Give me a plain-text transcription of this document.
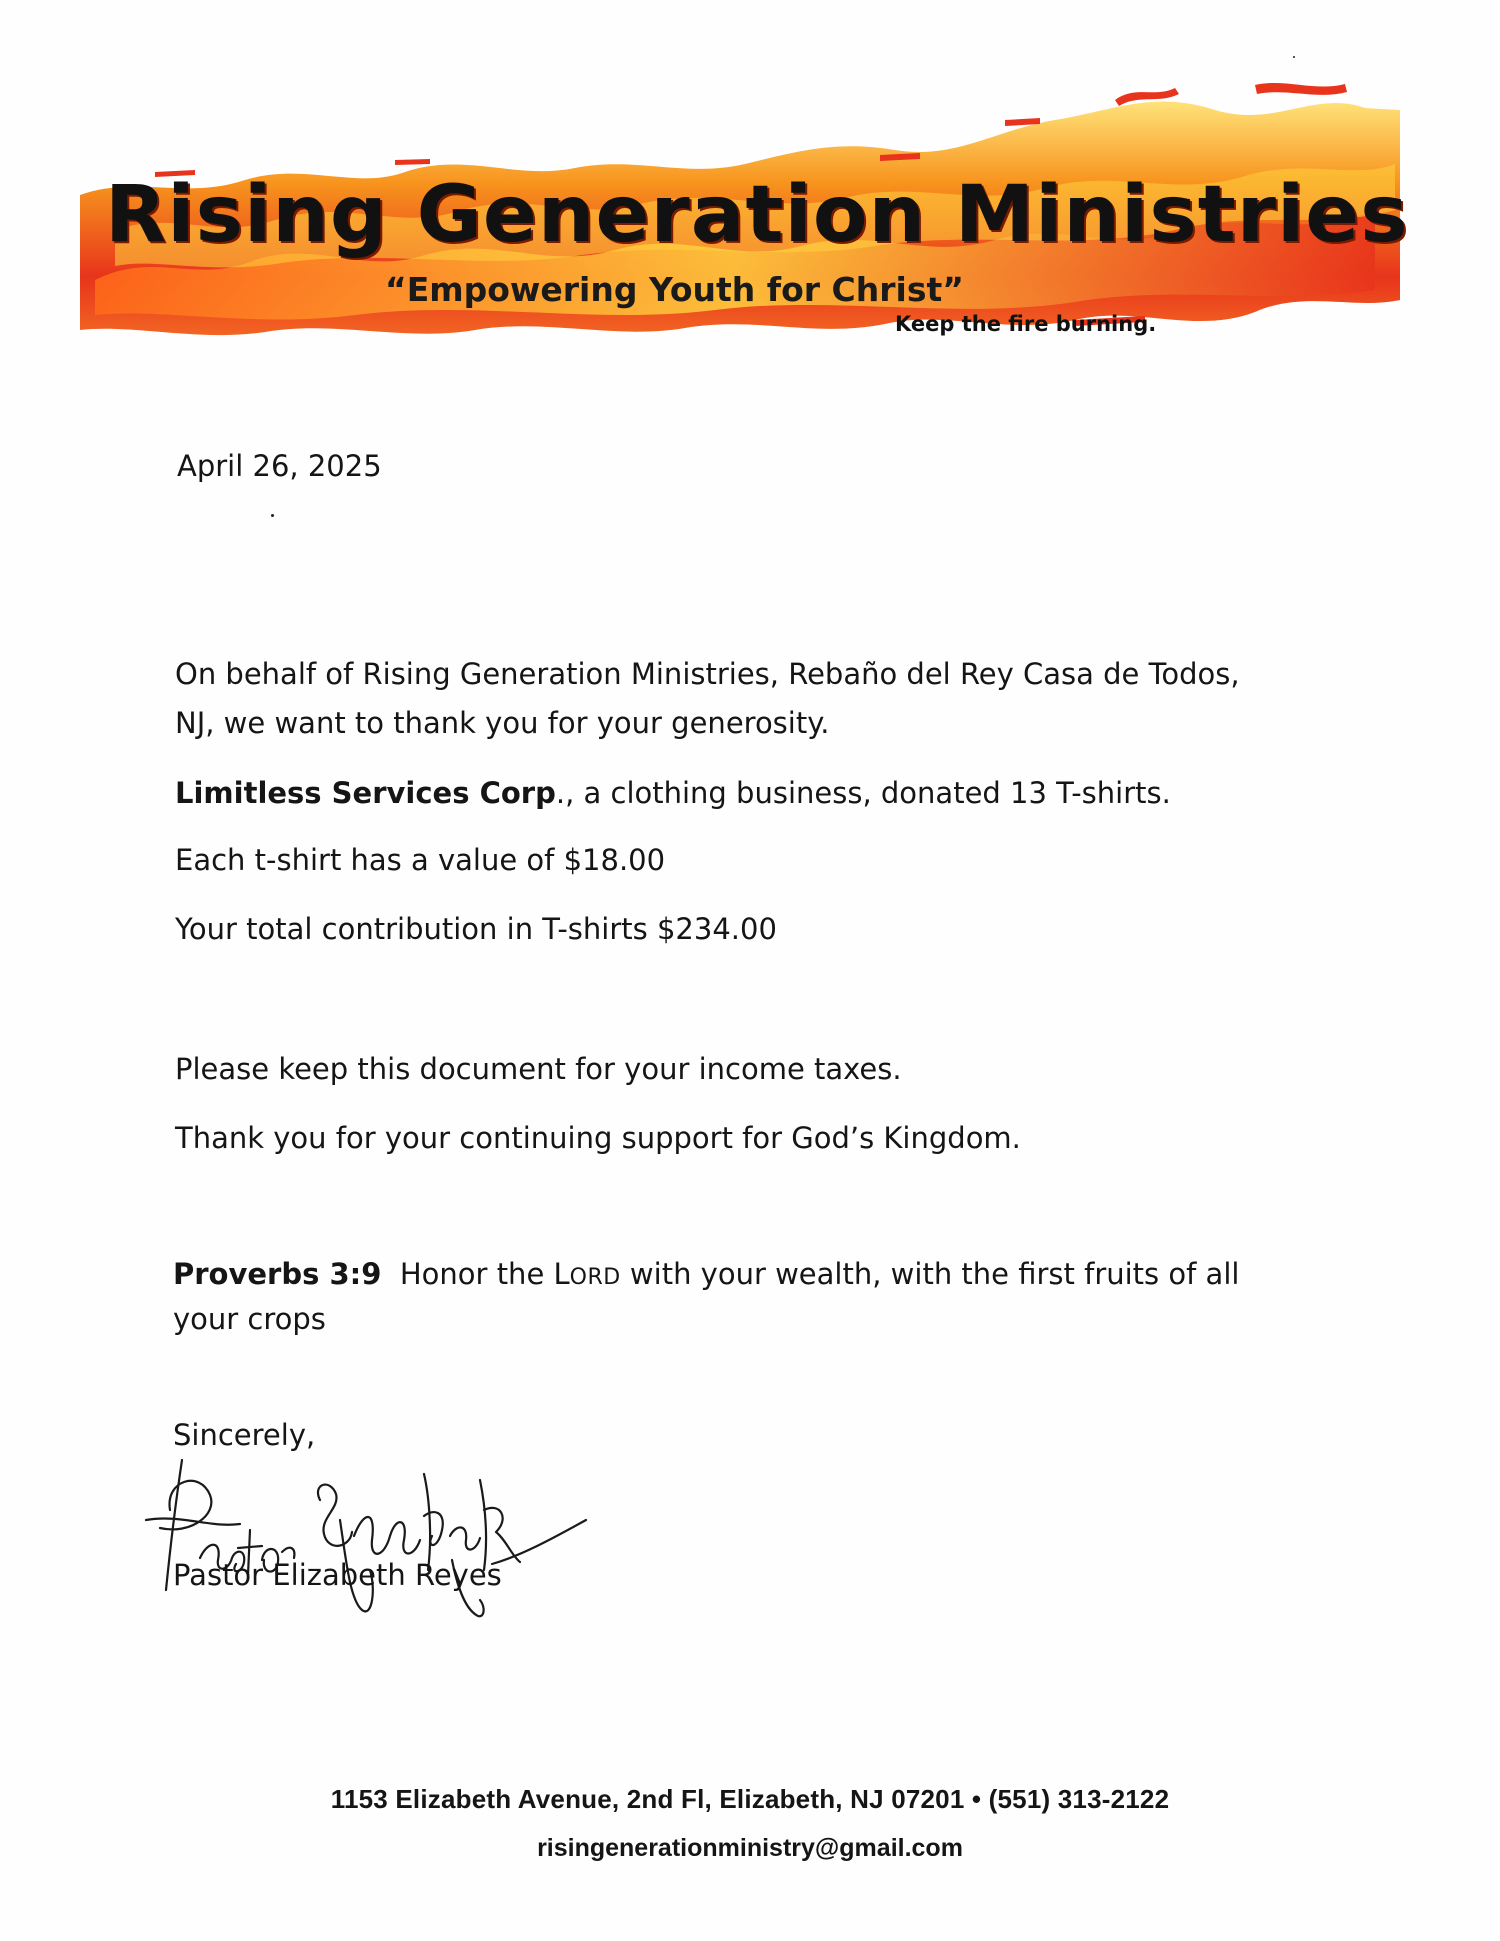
Rising Generation Ministries
“Empowering Youth for Christ”
Keep the fire burning.
April 26, 2025
On behalf of Rising Generation Ministries, Rebaño del Rey Casa de Todos,
NJ, we want to thank you for your generosity.
Limitless Services Corp., a clothing business, donated 13 T-shirts.
Each t-shirt has a value of $18.00
Your total contribution in T-shirts $234.00
Please keep this document for your income taxes.
Thank you for your continuing support for God’s Kingdom.
Proverbs 3:9 Honor the LORD with your wealth, with the first fruits of all
your crops
Sincerely,
Pastor Elizabeth Reyes
1153 Elizabeth Avenue, 2nd Fl, Elizabeth, NJ 07201 • (551) 313-2122
risingenerationministry@gmail.com
